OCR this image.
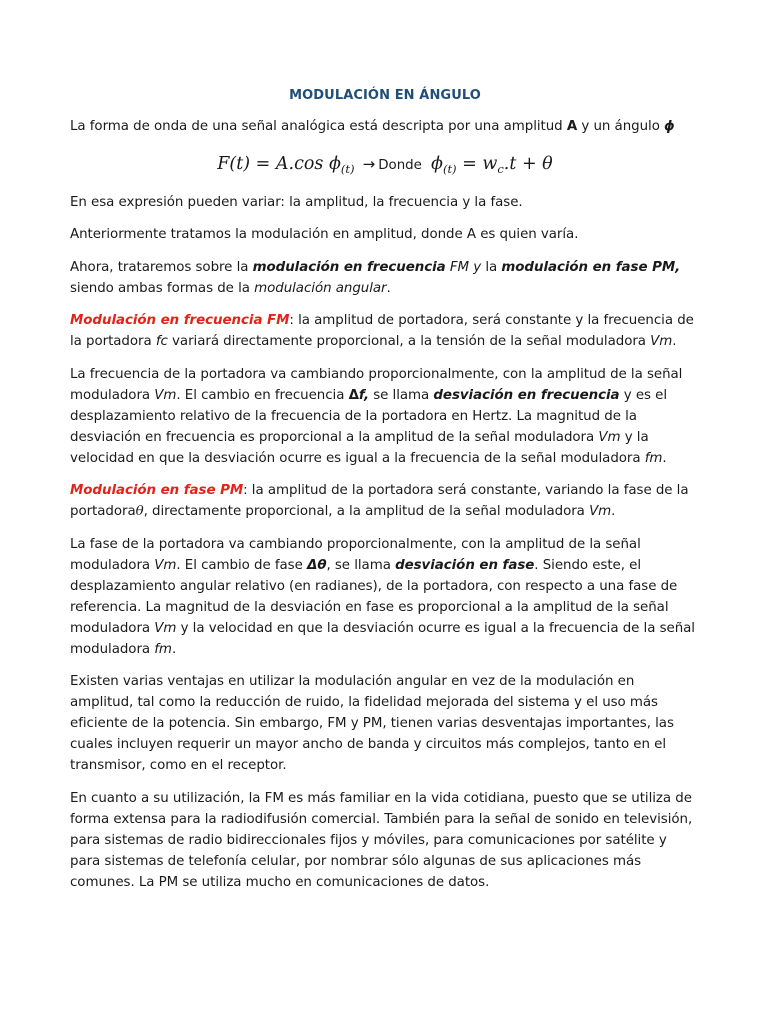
MODULACIÓN EN ÁNGULO

La forma de onda de una señal analógica está descripta por una amplitud A y un ángulo ϕ

F(t) = A.cos $\phi_{(t)}$ → Donde $\phi_{(t)} = w_c.t + \theta$

En esa expresión pueden variar: la amplitud, la frecuencia y la fase.

Anteriormente tratamos la modulación en amplitud, donde A es quien varía.

Ahora, trataremos sobre la modulación en frecuencia FM y la modulación en fase PM, siendo ambas formas de la modulación angular.

Modulación en frecuencia FM: la amplitud de portadora, será constante y la frecuencia de la portadora fc variará directamente proporcional, a la tensión de la señal moduladora Vm.

La frecuencia de la portadora va cambiando proporcionalmente, con la amplitud de la señal moduladora Vm. El cambio en frecuencia Δf, se llama desviación en frecuencia y es el desplazamiento relativo de la frecuencia de la portadora en Hertz. La magnitud de la desviación en frecuencia es proporcional a la amplitud de la señal moduladora Vm y la velocidad en que la desviación ocurre es igual a la frecuencia de la señal moduladora fm.

Modulación en fase PM: la amplitud de la portadora será constante, variando la fase de la portadoraθ, directamente proporcional, a la amplitud de la señal moduladora Vm.

La fase de la portadora va cambiando proporcionalmente, con la amplitud de la señal moduladora Vm. El cambio de fase Δθ, se llama desviación en fase. Siendo este, el desplazamiento angular relativo (en radianes), de la portadora, con respecto a una fase de referencia. La magnitud de la desviación en fase es proporcional a la amplitud de la señal moduladora Vm y la velocidad en que la desviación ocurre es igual a la frecuencia de la señal moduladora fm.

Existen varias ventajas en utilizar la modulación angular en vez de la modulación en amplitud, tal como la reducción de ruido, la fidelidad mejorada del sistema y el uso más eficiente de la potencia. Sin embargo, FM y PM, tienen varias desventajas importantes, las cuales incluyen requerir un mayor ancho de banda y circuitos más complejos, tanto en el transmisor, como en el receptor.

En cuanto a su utilización, la FM es más familiar en la vida cotidiana, puesto que se utiliza de forma extensa para la radiodifusión comercial. También para la señal de sonido en televisión, para sistemas de radio bidireccionales fijos y móviles, para comunicaciones por satélite y para sistemas de telefonía celular, por nombrar sólo algunas de sus aplicaciones más comunes. La PM se utiliza mucho en comunicaciones de datos.
